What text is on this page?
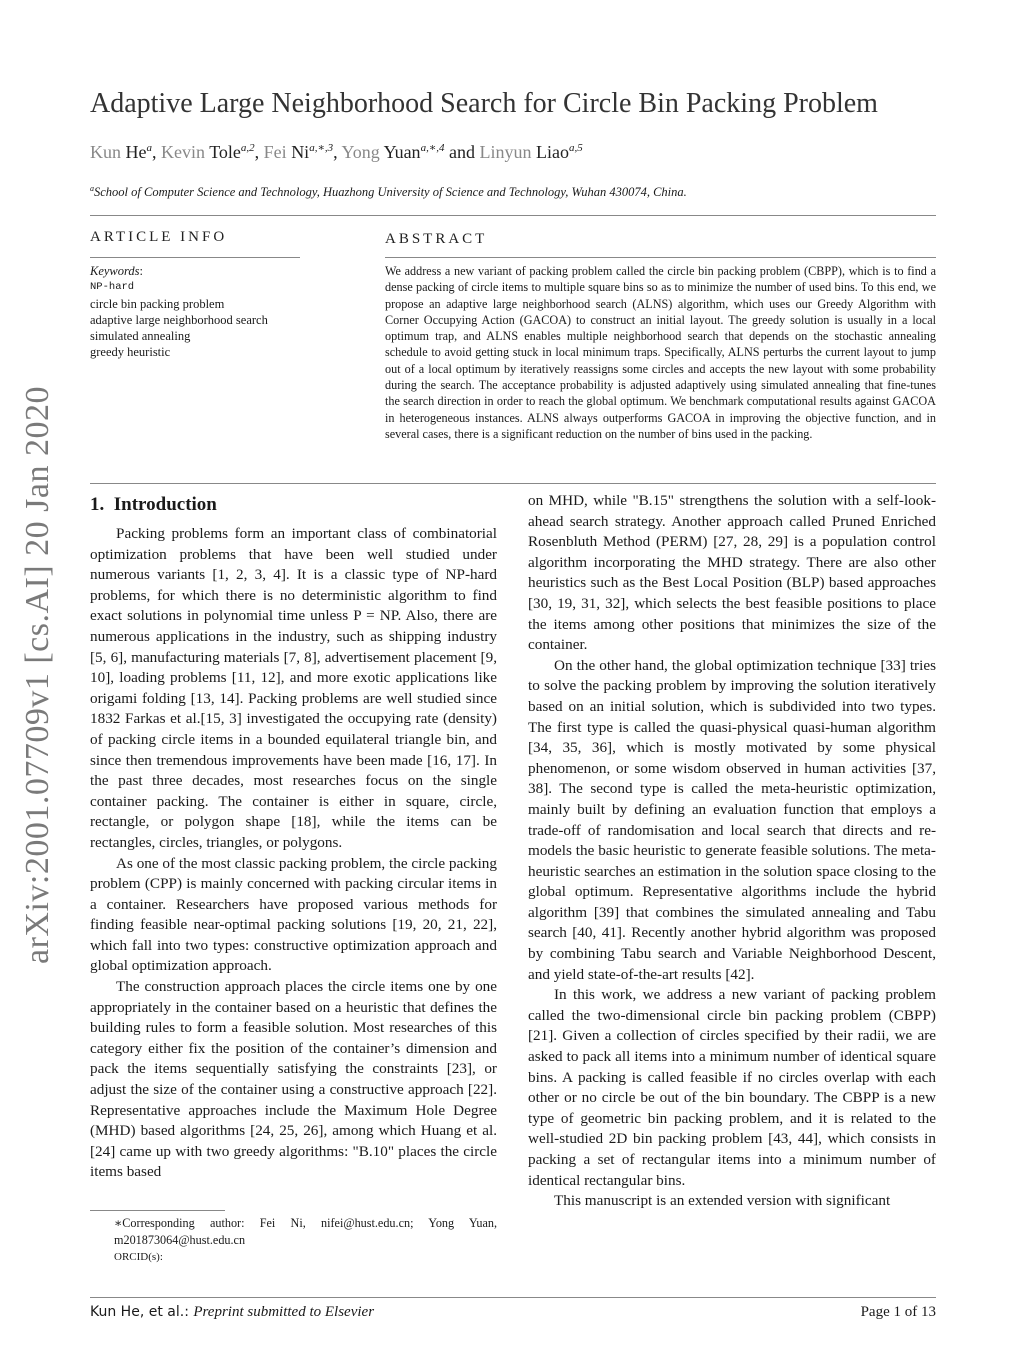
arXiv:2001.07709v1 [cs.AI] 20 Jan 2020
Adaptive Large Neighborhood Search for Circle Bin Packing Problem
Kun He$^a$, Kevin Tole$^{a,2}$, Fei $Ni^{a,∗,3}$, Yong Yuan$^{a,∗,4}$ and Linyun Liao$^{a,5}$
$^a$School of Computer Science and Technology, Huazhong University of Science and Technology, Wuhan 430074, China.
ARTICLE INFO
Keywords:
NP-hard
circle bin packing problem
adaptive large neighborhood search
simulated annealing
greedy heuristic
ABSTRACT
We address a new variant of packing problem called the circle bin packing problem (CBPP), which is to find a dense packing of circle items to multiple square bins so as to minimize the number of used bins. To this end, we propose an adaptive large neighborhood search (ALNS) algorithm, which uses our Greedy Algorithm with Corner Occupying Action (GACOA) to construct an initial layout. The greedy solution is usually in a local optimum trap, and ALNS enables multiple neighborhood search that depends on the stochastic annealing schedule to avoid getting stuck in local minimum traps. Specifically, ALNS perturbs the current layout to jump out of a local optimum by iteratively reassigns some circles and accepts the new layout with some probability during the search. The acceptance probability is adjusted adaptively using simulated annealing that fine-tunes the search direction in order to reach the global optimum. We benchmark computational results against GACOA in heterogeneous instances. ALNS always outperforms GACOA in improving the objective function, and in several cases, there is a significant reduction on the number of bins used in the packing.
1. Introduction

Packing problems form an important class of combinatorial optimization problems that have been well studied under numerous variants [1, 2, 3, 4]. It is a classic type of NP-hard problems, for which there is no deterministic algorithm to find exact solutions in polynomial time unless P = NP. Also, there are numerous applications in the industry, such as shipping industry [5, 6], manufacturing materials [7, 8], advertisement placement [9, 10], loading problems [11, 12], and more exotic applications like origami folding [13, 14]. Packing problems are well studied since 1832 Farkas et al.[15, 3] investigated the occupying rate (density) of packing circle items in a bounded equilateral triangle bin, and since then tremendous improvements have been made [16, 17]. In the past three decades, most researches focus on the single container packing. The container is either in square, circle, rectangle, or polygon shape [18], while the items can be rectangles, circles, triangles, or polygons.

As one of the most classic packing problem, the circle packing problem (CPP) is mainly concerned with packing circular items in a container. Researchers have proposed various methods for finding feasible near-optimal packing solutions [19, 20, 21, 22], which fall into two types: constructive optimization approach and global optimization approach.

The construction approach places the circle items one by one appropriately in the container based on a heuristic that defines the building rules to form a feasible solution. Most researches of this category either fix the position of the container’s dimension and pack the items sequentially satisfying the constraints [23], or adjust the size of the container using a constructive approach [22]. Representative approaches include the Maximum Hole Degree (MHD) based algorithms [24, 25, 26], among which Huang et al. [24] came up with two greedy algorithms: "B.10" places the circle items based

on MHD, while "B.15" strengthens the solution with a self-look-ahead search strategy. Another approach called Pruned Enriched Rosenbluth Method (PERM) [27, 28, 29] is a population control algorithm incorporating the MHD strategy. There are also other heuristics such as the Best Local Position (BLP) based approaches [30, 19, 31, 32], which selects the best feasible positions to place the items among other positions that minimizes the size of the container.

On the other hand, the global optimization technique [33] tries to solve the packing problem by improving the solution iteratively based on an initial solution, which is subdivided into two types. The first type is called the quasi-physical quasi-human algorithm [34, 35, 36], which is mostly motivated by some physical phenomenon, or some wisdom observed in human activities [37, 38]. The second type is called the meta-heuristic optimization, mainly built by defining an evaluation function that employs a trade-off of randomisation and local search that directs and re-models the basic heuristic to generate feasible solutions. The meta-heuristic searches an estimation in the solution space closing to the global optimum. Representative algorithms include the hybrid algorithm [39] that combines the simulated annealing and Tabu search [40, 41]. Recently another hybrid algorithm was proposed by combining Tabu search and Variable Neighborhood Descent, and yield state-of-the-art results [42].

In this work, we address a new variant of packing problem called the two-dimensional circle bin packing problem (CBPP) [21]. Given a collection of circles specified by their radii, we are asked to pack all items into a minimum number of identical square bins. A packing is called feasible if no circles overlap with each other or no circle be out of the bin boundary. The CBPP is a new type of geometric bin packing problem, and it is related to the well-studied 2D bin packing problem [43, 44], which consists in packing a set of rectangular items into a minimum number of identical rectangular bins.

This manuscript is an extended version with significant

∗Corresponding author: Fei Ni, nifei@hust.edu.cn; Yong Yuan, m201873064@hust.edu.cn
ORCID(s):
Kun He, et al.: Preprint submitted to Elsevier	Page 1 of 13
